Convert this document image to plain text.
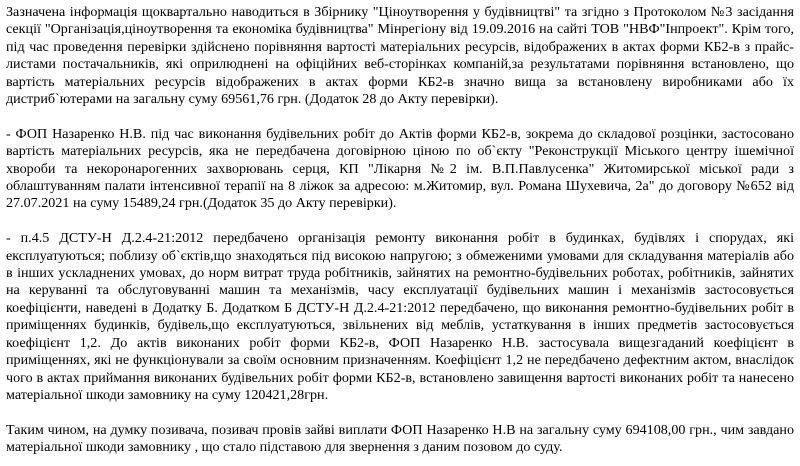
Зазначена інформація щоквартально наводиться в Збірнику "Ціноутворення у будівництві" та згідно з Протоколом №3 засідання секції "Організація,ціноутворення та економіка будівництва" Мінрегіону від 19.09.2016 на сайті ТОВ "НВФ"Інпроект". Крім того, під час проведення перевірки здійснено порівняння вартості матеріальних ресурсів, відображених в актах форми КБ2-в з прайс-листами постачальників, які оприлюднені на офіційних веб-сторінках компаній,за результатами порівняння встановлено, що вартість матеріальних ресурсів відображених в актах форми КБ2-в значно вища за встановлену виробниками або їх дистриб`ютерами на загальну суму 69561,76 грн. (Додаток 28 до Акту перевірки).

- ФОП Назаренко Н.В. під час виконання будівельних робіт до Актів форми КБ2-в, зокрема до складової розцінки, застосовано вартість матеріальних ресурсів, яка не передбачена договірною ціною по об`єкту "Реконструкції Міського центру ішемічної хвороби та некоронарогенних захворювань серця, КП "Лікарня №2 ім. В.П.Павлусенка" Житомирської міської ради з облаштуванням палати інтенсивної терапії на 8 ліжок за адресою: м.Житомир, вул. Романа Шухевича, 2а" до договору №652 від 27.07.2021 на суму 15489,24 грн.(Додаток 35 до Акту перевірки).

- п.4.5 ДСТУ-Н Д.2.4-21:2012 передбачено організація ремонту виконання робіт в будинках, будівлях і спорудах, які експлуатуються; поблизу об`єктів,що знаходяться під високою напругою; з обмеженими умовами для складування матеріалів або в інших ускладнених умовах, до норм витрат труда робітників, зайнятих на ремонтно-будівельних роботах, робітників, зайнятих на керуванні та обслуговуванні машин та механізмів, часу експлуатації будівельних машин і механізмів застосовується коефіцієнти, наведені в Додатку Б. Додатком Б ДСТУ-Н Д.2.4-21:2012 передбачено, що виконання ремонтно-будівельних робіт в приміщеннях будинків, будівель,що експлуатуються, звільнених від меблів, устаткування в інших предметів застосовується коефіцієнт 1,2. До актів виконаних робіт форми КБ2-в, ФОП Назаренко Н.В. застосувала вищезгаданий коефіцієнт в приміщеннях, які не функціонували за своїм основним призначенням. Коефіцієнт 1,2 не передбачено дефектним актом, внаслідок чого в актах приймання виконаних будівельних робіт форми КБ2-в, встановлено завищення вартості виконаних робіт та нанесено матеріальної шкоди замовнику на суму 120421,28грн.

Таким чином, на думку позивача, позивач провів зайві виплати ФОП Назаренко Н.В на загальну суму 694108,00 грн., чим завдано матеріальної шкоди замовнику , що стало підставою для звернення з даним позовом до суду.
